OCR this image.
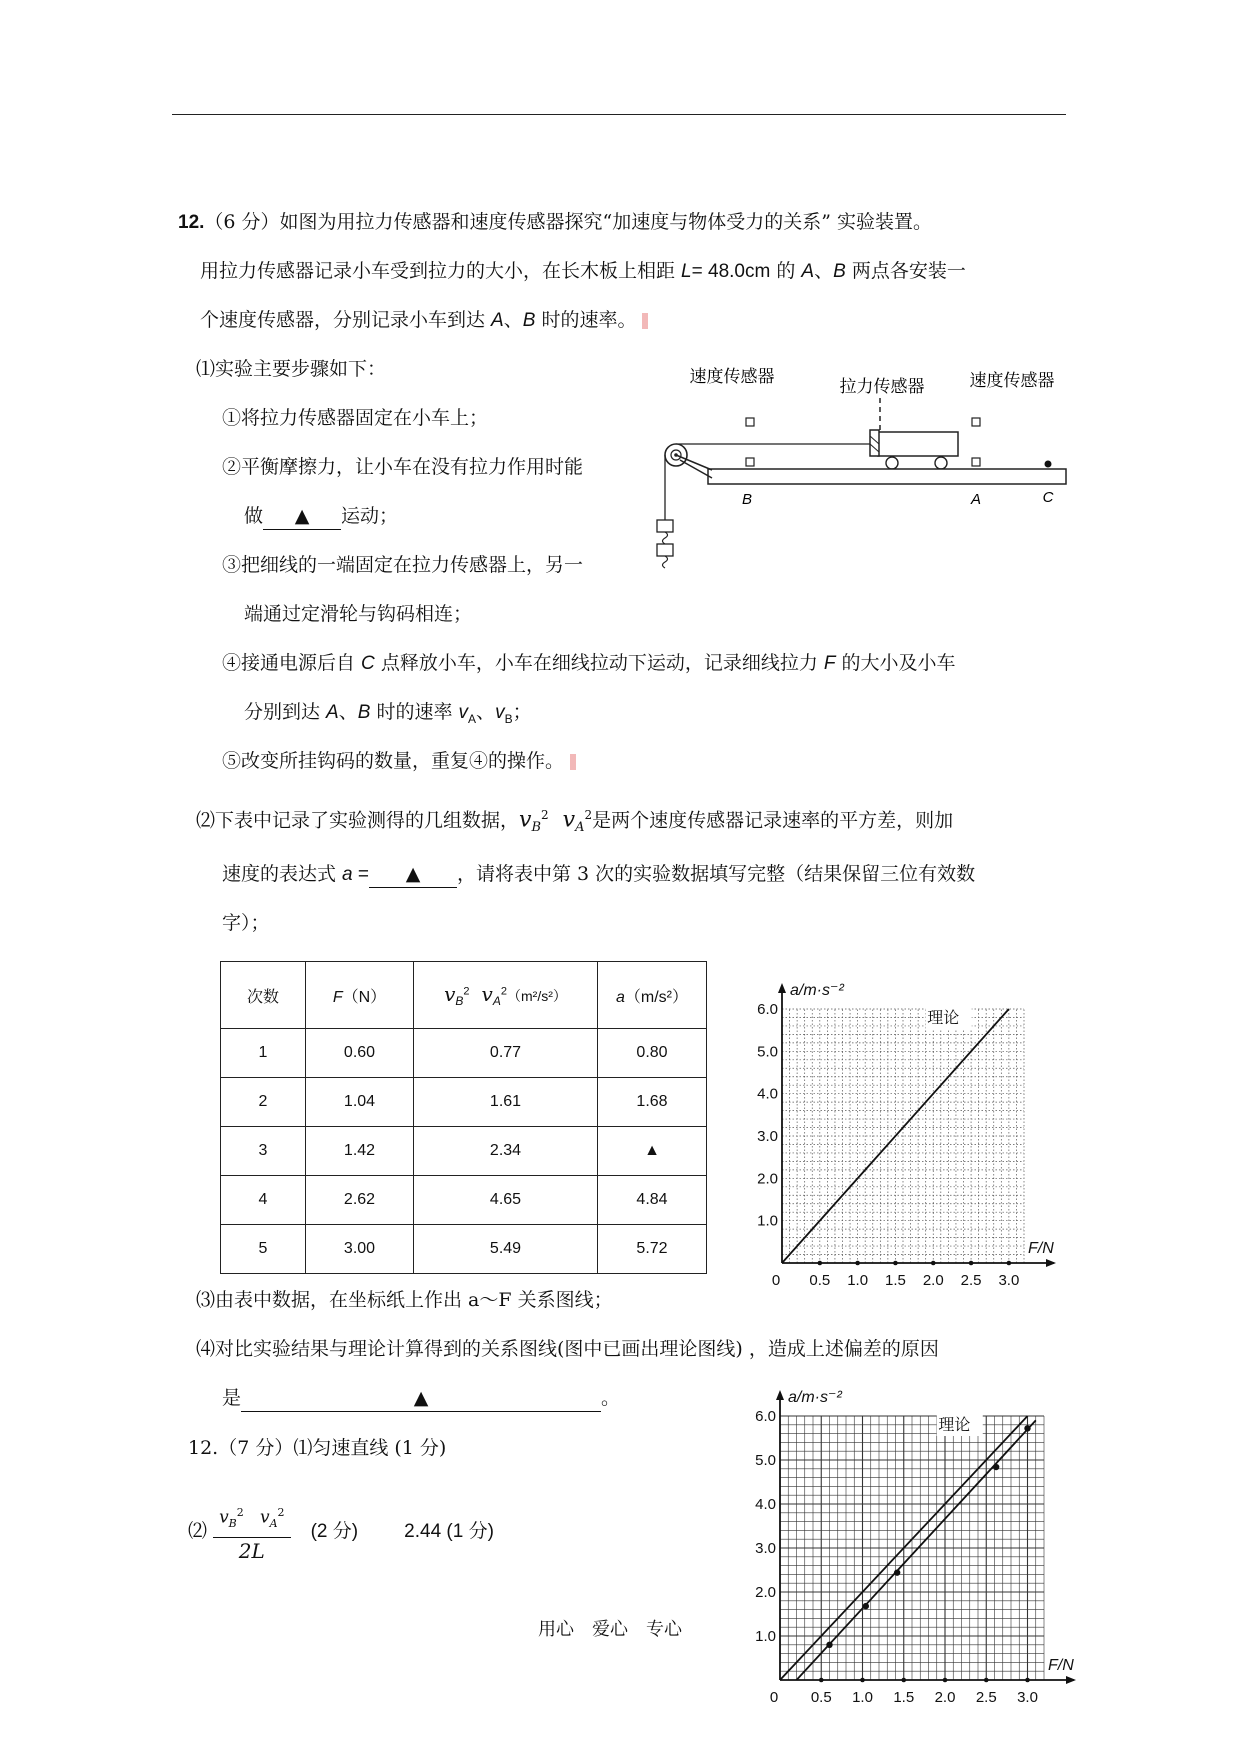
12.（6 分）如图为用拉力传感器和速度传感器探究“加速度与物体受力的关系” 实验装置。
用拉力传感器记录小车受到拉力的大小，在长木板上相距 L= 48.0cm 的 A、B 两点各安装一
个速度传感器，分别记录小车到达 A、B 时的速率。
⑴实验主要步骤如下：
①将拉力传感器固定在小车上；
②平衡摩擦力，让小车在没有拉力作用时能
做 ▲ 运动；
③把细线的一端固定在拉力传感器上，另一
端通过定滑轮与钩码相连；
④接通电源后自 C 点释放小车，小车在细线拉动下运动，记录细线拉力 F 的大小及小车
分别到达 A、B 时的速率 $v_A$、$v_B$；
⑤改变所挂钩码的数量，重复④的操作。
速度传感器
拉力传感器	速度传感器
B	A	C
⑵下表中记录了实验测得的几组数据，$v_B^2$ $v_A^2$是两个速度传感器记录速率的平方差，则加
速度的表达式 a = ▲ ，请将表中第 3 次的实验数据填写完整（结果保留三位有效数
字）；
次数	F（N）	$v_B^2$ $v_A^2(m^2/s^2)$	a（m/s²）
1	0.60	0.77	0.80
2	1.04	1.61	1.68
3	1.42	2.34	▲
4	2.62	4.65	4.84
5	3.00	5.49	5.72
0 0.5 1.0 1.5 2.0 2.5 3.0
1.0
2.0
3.0
4.0
5.0
6.0
a/m·s⁻²
F/N
理论
⑶由表中数据，在坐标纸上作出 a～F 关系图线；
⑷对比实验结果与理论计算得到的关系图线(图中已画出理论图线) ，造成上述偏差的原因
是	▲	。
12.（7 分）⑴匀速直线 (1 分)
⑵ $\frac{v_B^2 v_A^2}{2L} (2$ 分) 2.44 (1 分)
0 0.5 1.0 1.5 2.0 2.5 3.0
1.0
2.0
3.0
4.0
5.0
6.0
a/m·s⁻²
F/N
理论
用心　爱心　专心
